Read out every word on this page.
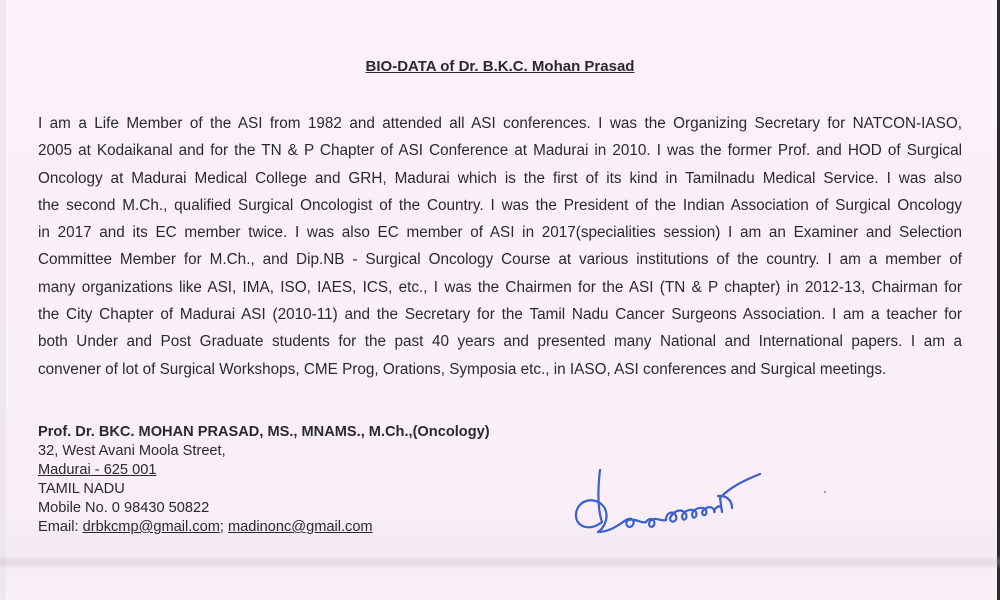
BIO-DATA of Dr. B.K.C. Mohan Prasad
I am a Life Member of the ASI from 1982 and attended all ASI conferences. I was the Organizing Secretary for NATCON-IASO,
2005 at Kodaikanal and for the TN & P Chapter of ASI Conference at Madurai in 2010. I was the former Prof. and HOD of Surgical
Oncology at Madurai Medical College and GRH, Madurai which is the first of its kind in Tamilnadu Medical Service. I was also
the second M.Ch., qualified Surgical Oncologist of the Country. I was the President of the Indian Association of Surgical Oncology
in 2017 and its EC member twice. I was also EC member of ASI in 2017(specialities session) I am an Examiner and Selection
Committee Member for M.Ch., and Dip.NB - Surgical Oncology Course at various institutions of the country. I am a member of
many organizations like ASI, IMA, ISO, IAES, ICS, etc., I was the Chairmen for the ASI (TN & P chapter) in 2012-13, Chairman for
the City Chapter of Madurai ASI (2010-11) and the Secretary for the Tamil Nadu Cancer Surgeons Association. I am a teacher for
both Under and Post Graduate students for the past 40 years and presented many National and International papers. I am a
convener of lot of Surgical Workshops, CME Prog, Orations, Symposia etc., in IASO, ASI conferences and Surgical meetings.
Prof. Dr. BKC. MOHAN PRASAD, MS., MNAMS., M.Ch.,(Oncology)
32, West Avani Moola Street,
Madurai - 625 001
TAMIL NADU
Mobile No. 0 98430 50822
Email: drbkcmp@gmail.com; madinonc@gmail.com
